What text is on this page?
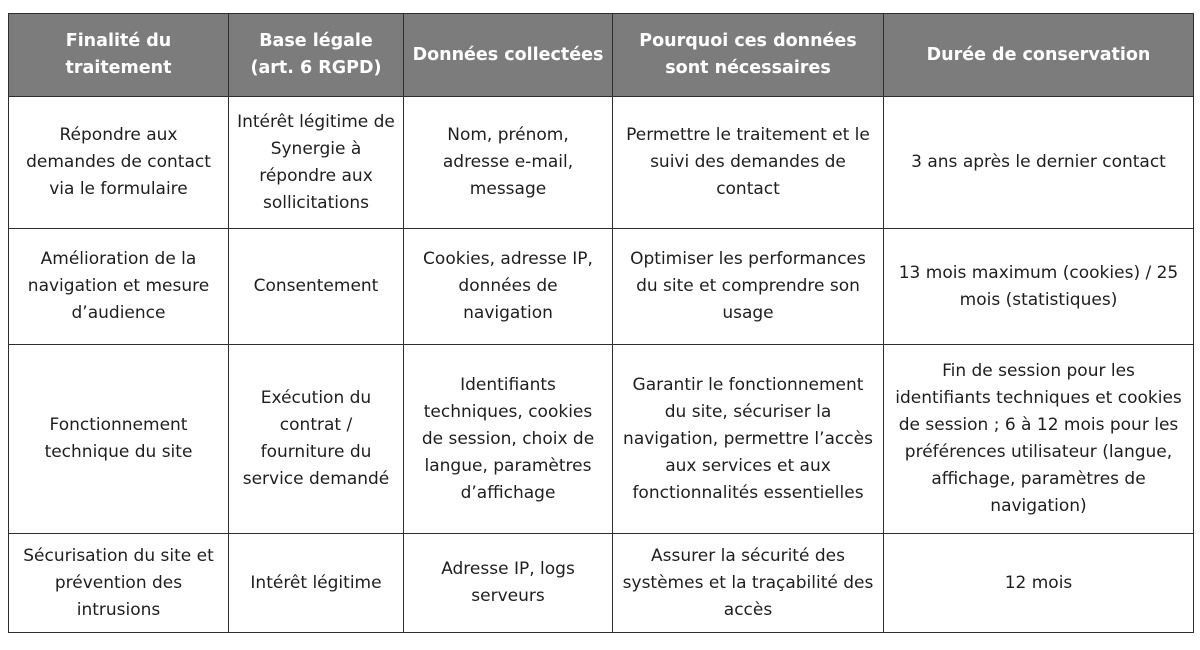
Finalité du traitement	Base légale (art. 6 RGPD)	Données collectées	Pourquoi ces données sont nécessaires	Durée de conservation
Répondre aux demandes de contact via le formulaire	Intérêt légitime de Synergie à répondre aux sollicitations	Nom, prénom, adresse e-mail, message	Permettre le traitement et le suivi des demandes de contact	3 ans après le dernier contact
Amélioration de la navigation et mesure d’audience	Consentement	Cookies, adresse IP, données de navigation	Optimiser les performances du site et comprendre son usage	13 mois maximum (cookies) / 25 mois (statistiques)
Fonctionnement technique du site	Exécution du contrat / fourniture du service demandé	Identifiants techniques, cookies de session, choix de langue, paramètres d’affichage	Garantir le fonctionnement du site, sécuriser la navigation, permettre l’accès aux services et aux fonctionnalités essentielles	Fin de session pour les identifiants techniques et cookies de session ; 6 à 12 mois pour les préférences utilisateur (langue, affichage, paramètres de navigation)
Sécurisation du site et prévention des intrusions	Intérêt légitime	Adresse IP, logs serveurs	Assurer la sécurité des systèmes et la traçabilité des accès	12 mois
